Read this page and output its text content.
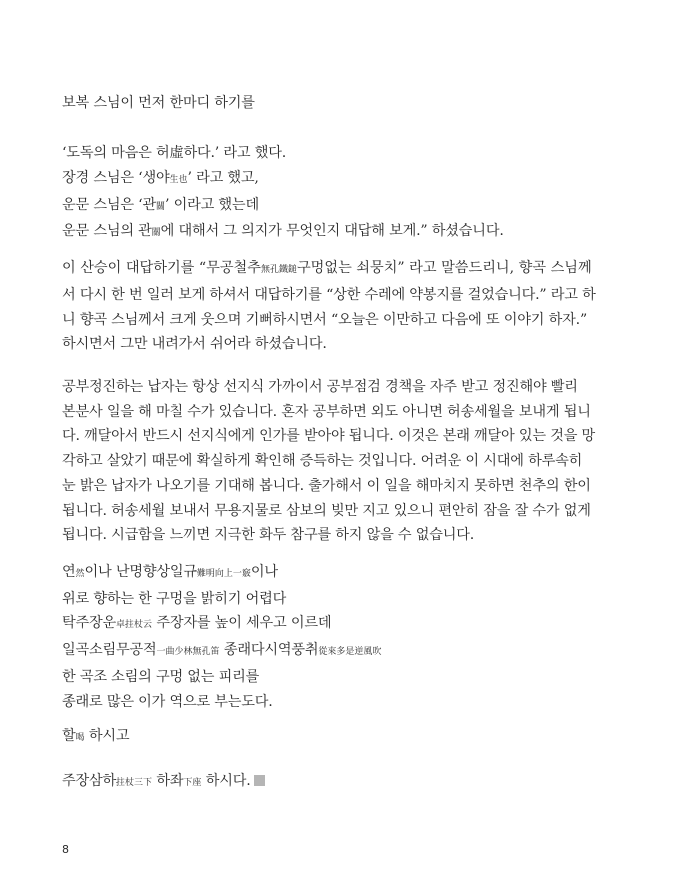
보복 스님이 먼저 한마디 하기를
‘도독의 마음은 허虛하다.’ 라고 했다.
장경 스님은 ‘생야生也’ 라고 했고,
운문 스님은 ‘관關’ 이라고 했는데
운문 스님의 관關에 대해서 그 의지가 무엇인지 대답해 보게.” 하셨습니다.
이 산승이 대답하기를 “무공철추無孔鐵鎚구멍없는 쇠뭉치” 라고 말씀드리니, 향곡 스님께
서 다시 한 번 일러 보게 하셔서 대답하기를 “상한 수레에 약봉지를 걸었습니다.” 라고 하
니 향곡 스님께서 크게 웃으며 기뻐하시면서 “오늘은 이만하고 다음에 또 이야기 하자.”
하시면서 그만 내려가서 쉬어라 하셨습니다.
공부정진하는 납자는 항상 선지식 가까이서 공부점검 경책을 자주 받고 정진해야 빨리
본분사 일을 해 마칠 수가 있습니다. 혼자 공부하면 외도 아니면 허송세월을 보내게 됩니
다. 깨달아서 반드시 선지식에게 인가를 받아야 됩니다. 이것은 본래 깨달아 있는 것을 망
각하고 살았기 때문에 확실하게 확인해 증득하는 것입니다. 어려운 이 시대에 하루속히
눈 밝은 납자가 나오기를 기대해 봅니다. 출가해서 이 일을 해마치지 못하면 천추의 한이
됩니다. 허송세월 보내서 무용지물로 삼보의 빚만 지고 있으니 편안히 잠을 잘 수가 없게
됩니다. 시급함을 느끼면 지극한 화두 참구를 하지 않을 수 없습니다.
연然이나 난명향상일규難明向上一竅이나
위로 향하는 한 구멍을 밝히기 어렵다
탁주장운卓拄杖云 주장자를 높이 세우고 이르데
일곡소림무공적一曲少林無孔笛 종래다시역풍취從來多是逆風吹
한 곡조 소림의 구멍 없는 피리를
종래로 많은 이가 역으로 부는도다.
할喝 하시고
주장삼하拄杖三下 하좌下座 하시다.
8
